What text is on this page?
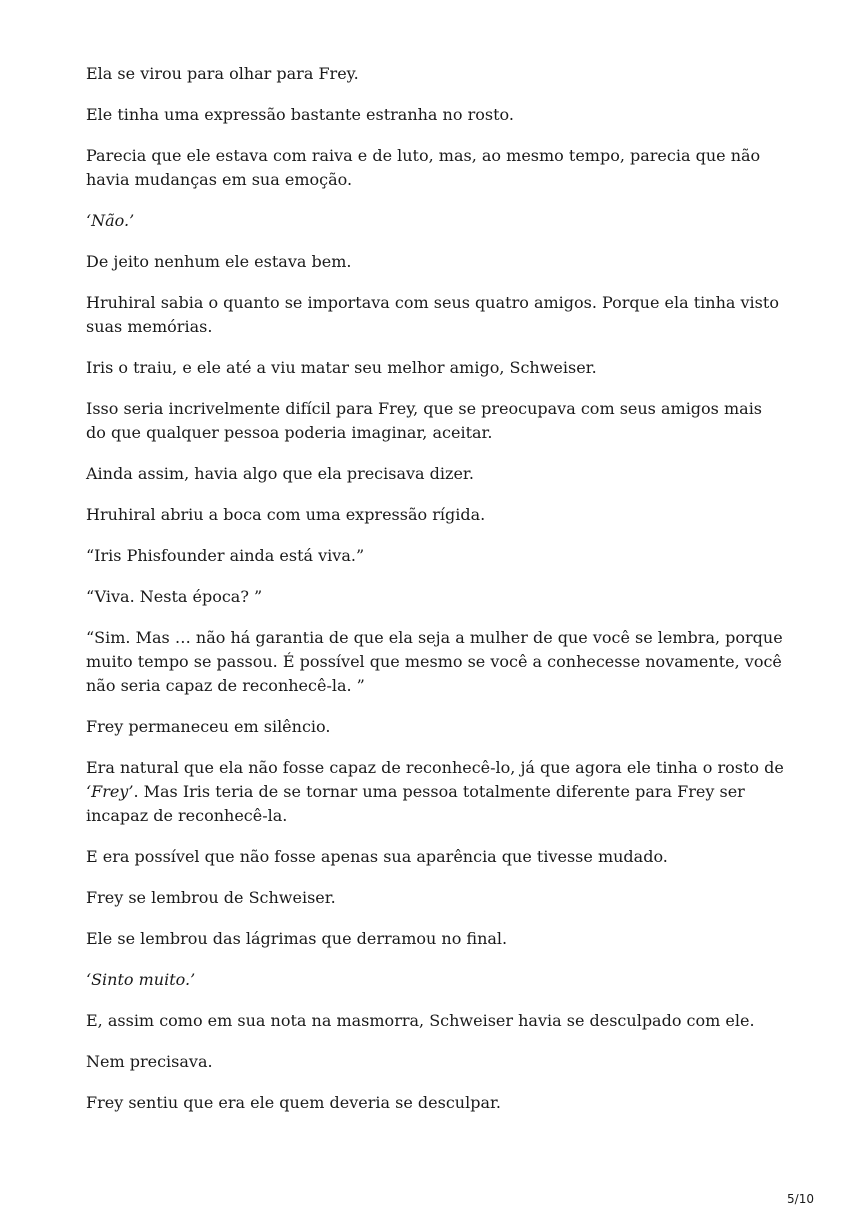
Ela se virou para olhar para Frey.

Ele tinha uma expressão bastante estranha no rosto.

Parecia que ele estava com raiva e de luto, mas, ao mesmo tempo, parecia que não havia mudanças em sua emoção.

‘Não.’

De jeito nenhum ele estava bem.

Hruhiral sabia o quanto se importava com seus quatro amigos. Porque ela tinha visto suas memórias.

Iris o traiu, e ele até a viu matar seu melhor amigo, Schweiser.

Isso seria incrivelmente difícil para Frey, que se preocupava com seus amigos mais do que qualquer pessoa poderia imaginar, aceitar.

Ainda assim, havia algo que ela precisava dizer.

Hruhiral abriu a boca com uma expressão rígida.

“Iris Phisfounder ainda está viva.”

“Viva. Nesta época? ”

“Sim. Mas … não há garantia de que ela seja a mulher de que você se lembra, porque muito tempo se passou. É possível que mesmo se você a conhecesse novamente, você não seria capaz de reconhecê-la. ”

Frey permaneceu em silêncio.

Era natural que ela não fosse capaz de reconhecê-lo, já que agora ele tinha o rosto de ‘Frey’. Mas Iris teria de se tornar uma pessoa totalmente diferente para Frey ser incapaz de reconhecê-la.

E era possível que não fosse apenas sua aparência que tivesse mudado.

Frey se lembrou de Schweiser.

Ele se lembrou das lágrimas que derramou no final.

‘Sinto muito.’

E, assim como em sua nota na masmorra, Schweiser havia se desculpado com ele.

Nem precisava.

Frey sentiu que era ele quem deveria se desculpar.

5/10
